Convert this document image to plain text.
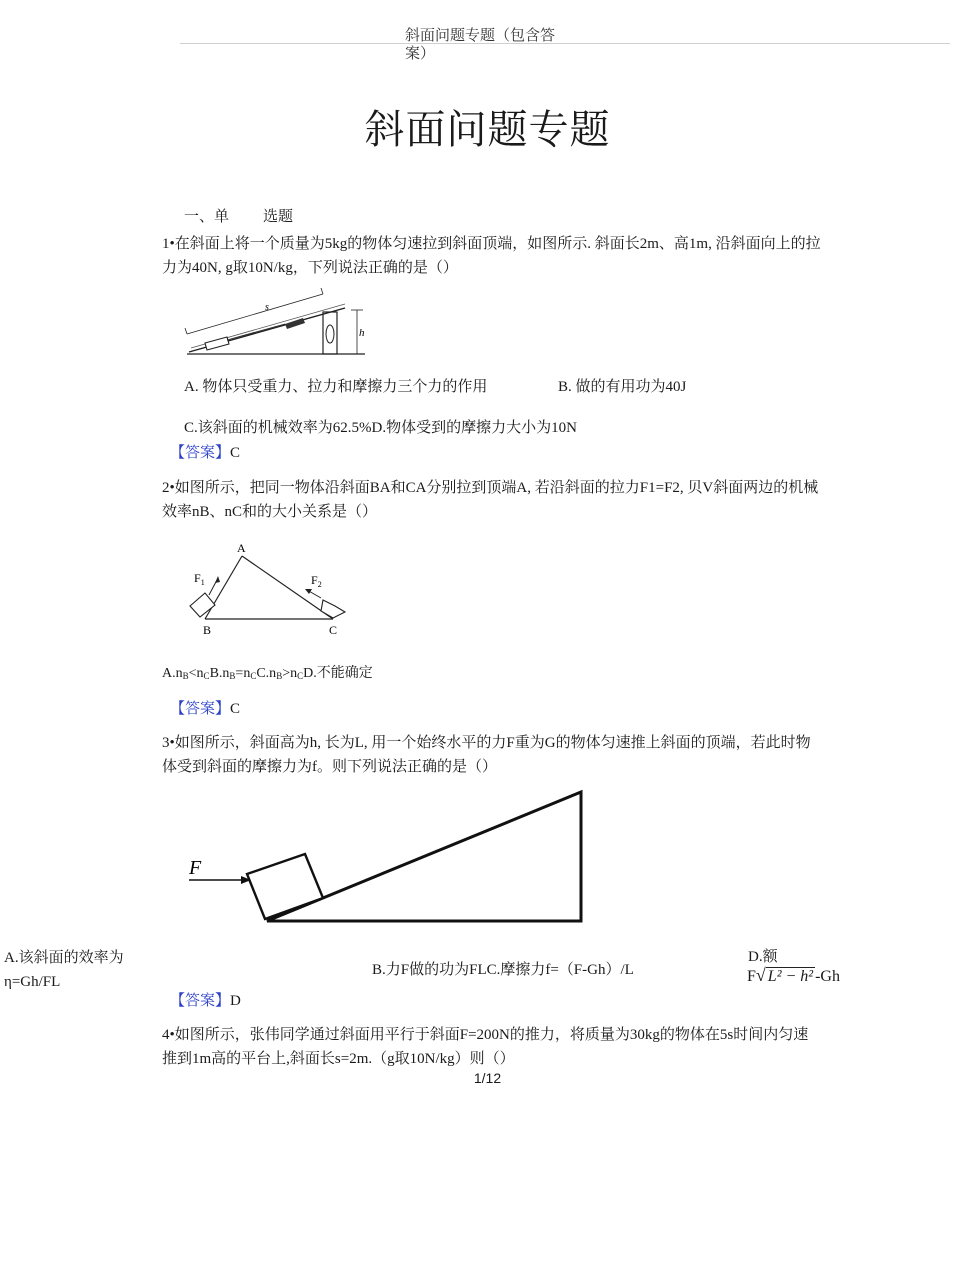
斜面问题专题（包含答案）
斜面问题专题
一、单 选题
1•在斜面上将一个质量为5kg的物体匀速拉到斜面顶端，如图所示. 斜面长2m、高1m, 沿斜面向上的拉力为40N, g取10N/kg，下列说法正确的是（）
s
h
A. 物体只受重力、拉力和摩擦力三个力的作用	B. 做的有用功为40J
C.该斜面的机械效率为62.5%D.物体受到的摩擦力大小为10N
【答案】C
2•如图所示，把同一物体沿斜面BA和CA分别拉到顶端A, 若沿斜面的拉力F1=F2, 贝V斜面两边的机械效率nB、nC和的大小关系是（）
A
B	C
$F_1$	$F_2$
$A.n_B<n_CB.n_B=n_CC.n_B>n_CD$.不能确定
【答案】C
3•如图所示，斜面高为h, 长为L, 用一个始终水平的力F重为G的物体匀速推上斜面的顶端，若此时物体受到斜面的摩擦力为f。则下列说法正确的是（）
F
A.该斜面的效率为η=Gh/FL
B.力F做的功为FLC.摩擦力f=（F-Gh）/L
D.额
F√ L² − h² -Gh
【答案】D
4•如图所示，张伟同学通过斜面用平行于斜面F=200N的推力，将质量为30kg的物体在5s时间内匀速推到1m高的平台上,斜面长s=2m.（g取10N/kg）则（）
1/12
